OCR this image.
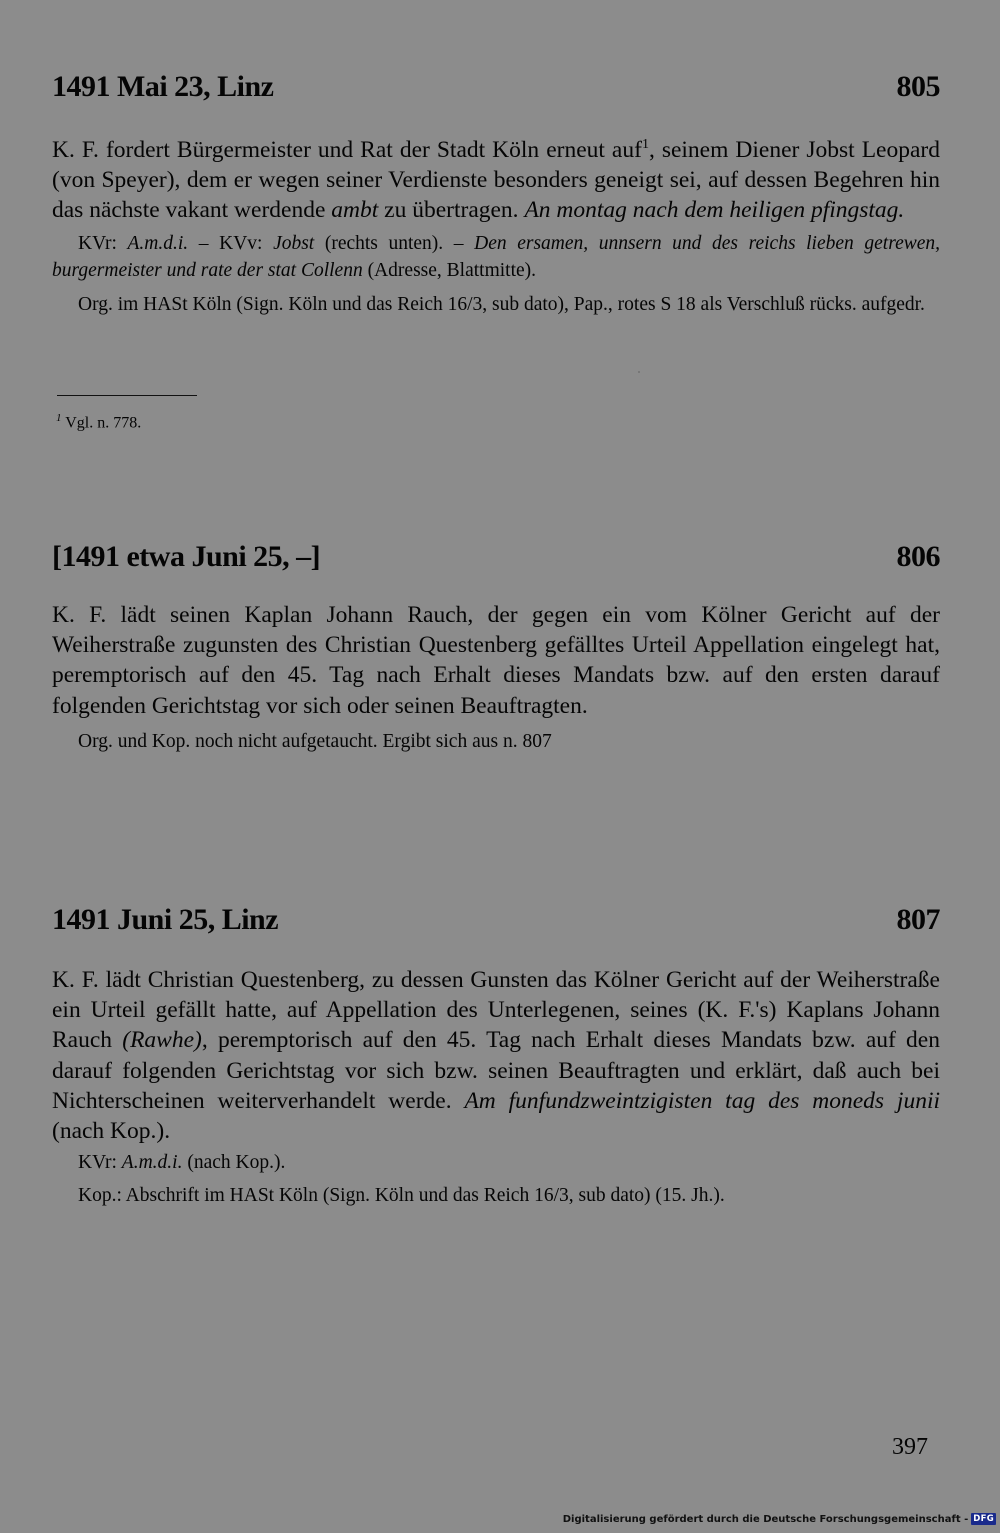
1491 Mai 23, Linz	805

K. F. fordert Bürgermeister und Rat der Stadt Köln erneut auf$^1$, seinem Diener Jobst Leopard (von Speyer), dem er wegen seiner Verdienste besonders geneigt sei, auf dessen Begehren hin das nächste vakant werdende ambt zu übertragen. An montag nach dem heiligen pfingstag.

KVr: A.m.d.i. – KVv: Jobst (rechts unten). – Den ersamen, unnsern und des reichs lieben getrewen, burgermeister und rate der stat Collenn (Adresse, Blattmitte).

Org. im HASt Köln (Sign. Köln und das Reich 16/3, sub dato), Pap., rotes S 18 als Verschluß rücks. aufgedr.

$^1$ Vgl. n. 778.
[1491 etwa Juni 25, –]	806

K. F. lädt seinen Kaplan Johann Rauch, der gegen ein vom Kölner Gericht auf der Weiherstraße zugunsten des Christian Questenberg gefälltes Urteil Appellation eingelegt hat, peremptorisch auf den 45. Tag nach Erhalt dieses Mandats bzw. auf den ersten darauf folgenden Gerichtstag vor sich oder seinen Beauftragten.

Org. und Kop. noch nicht aufgetaucht. Ergibt sich aus n. 807

1491 Juni 25, Linz	807

K. F. lädt Christian Questenberg, zu dessen Gunsten das Kölner Gericht auf der Weiherstraße ein Urteil gefällt hatte, auf Appellation des Unterlegenen, seines (K. F.'s) Kaplans Johann Rauch (Rawhe), peremptorisch auf den 45. Tag nach Erhalt dieses Mandats bzw. auf den darauf folgenden Gerichtstag vor sich bzw. seinen Beauftragten und erklärt, daß auch bei Nichterscheinen weiterverhandelt werde. Am funfundzweintzigisten tag des moneds junii (nach Kop.).

KVr: A.m.d.i. (nach Kop.).

Kop.: Abschrift im HASt Köln (Sign. Köln und das Reich 16/3, sub dato) (15. Jh.).

397
Digitalisierung gefördert durch die Deutsche Forschungsgemeinschaft - DFG
